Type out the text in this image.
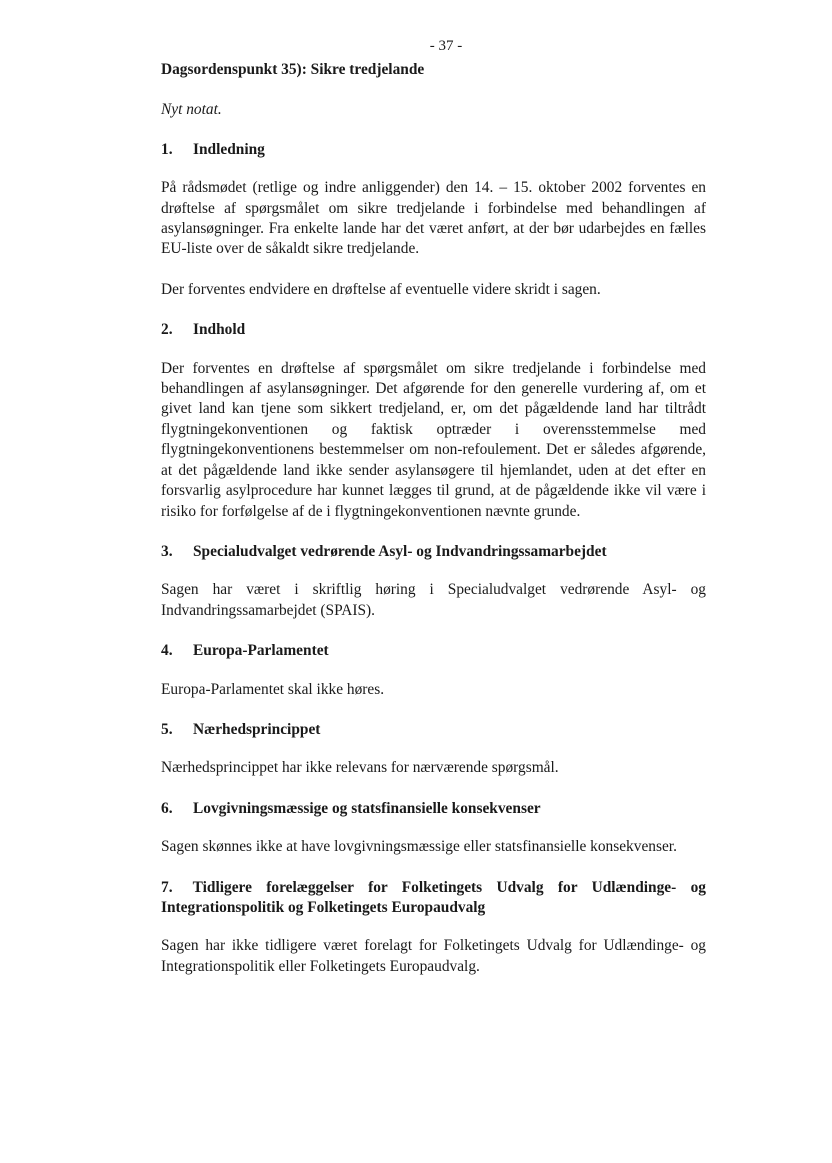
- 37 -

Dagsordenspunkt 35): Sikre tredjelande

Nyt notat.

1.	Indledning

På rådsmødet (retlige og indre anliggender) den 14. – 15. oktober 2002 forventes en drøftelse af spørgsmålet om sikre tredjelande i forbindelse med behandlingen af asylansøgninger. Fra enkelte lande har det været anført, at der bør udarbejdes en fælles EU-liste over de såkaldt sikre tredjelande.

Der forventes endvidere en drøftelse af eventuelle videre skridt i sagen.

2.	Indhold

Der forventes en drøftelse af spørgsmålet om sikre tredjelande i forbindelse med behandlingen af asylansøgninger. Det afgørende for den generelle vurdering af, om et givet land kan tjene som sikkert tredjeland, er, om det pågældende land har tiltrådt flygtningekonventionen og faktisk optræder i overensstemmelse med flygtningekonventionens bestemmelser om non-refoulement. Det er således afgørende, at det pågældende land ikke sender asylansøgere til hjemlandet, uden at det efter en forsvarlig asylprocedure har kunnet lægges til grund, at de pågældende ikke vil være i risiko for forfølgelse af de i flygtningekonventionen nævnte grunde.

3.	Specialudvalget vedrørende Asyl- og Indvandringssamarbejdet

Sagen har været i skriftlig høring i Specialudvalget vedrørende Asyl- og Indvandringssamarbejdet (SPAIS).

4.	Europa-Parlamentet

Europa-Parlamentet skal ikke høres.

5.	Nærhedsprincippet

Nærhedsprincippet har ikke relevans for nærværende spørgsmål.

6.	Lovgivningsmæssige og statsfinansielle konsekvenser

Sagen skønnes ikke at have lovgivningsmæssige eller statsfinansielle konsekvenser.

7. Tidligere forelæggelser for Folketingets Udvalg for Udlændinge- og Integrationspolitik og Folketingets Europaudvalg

Sagen har ikke tidligere været forelagt for Folketingets Udvalg for Udlændinge- og Integrationspolitik eller Folketingets Europaudvalg.
